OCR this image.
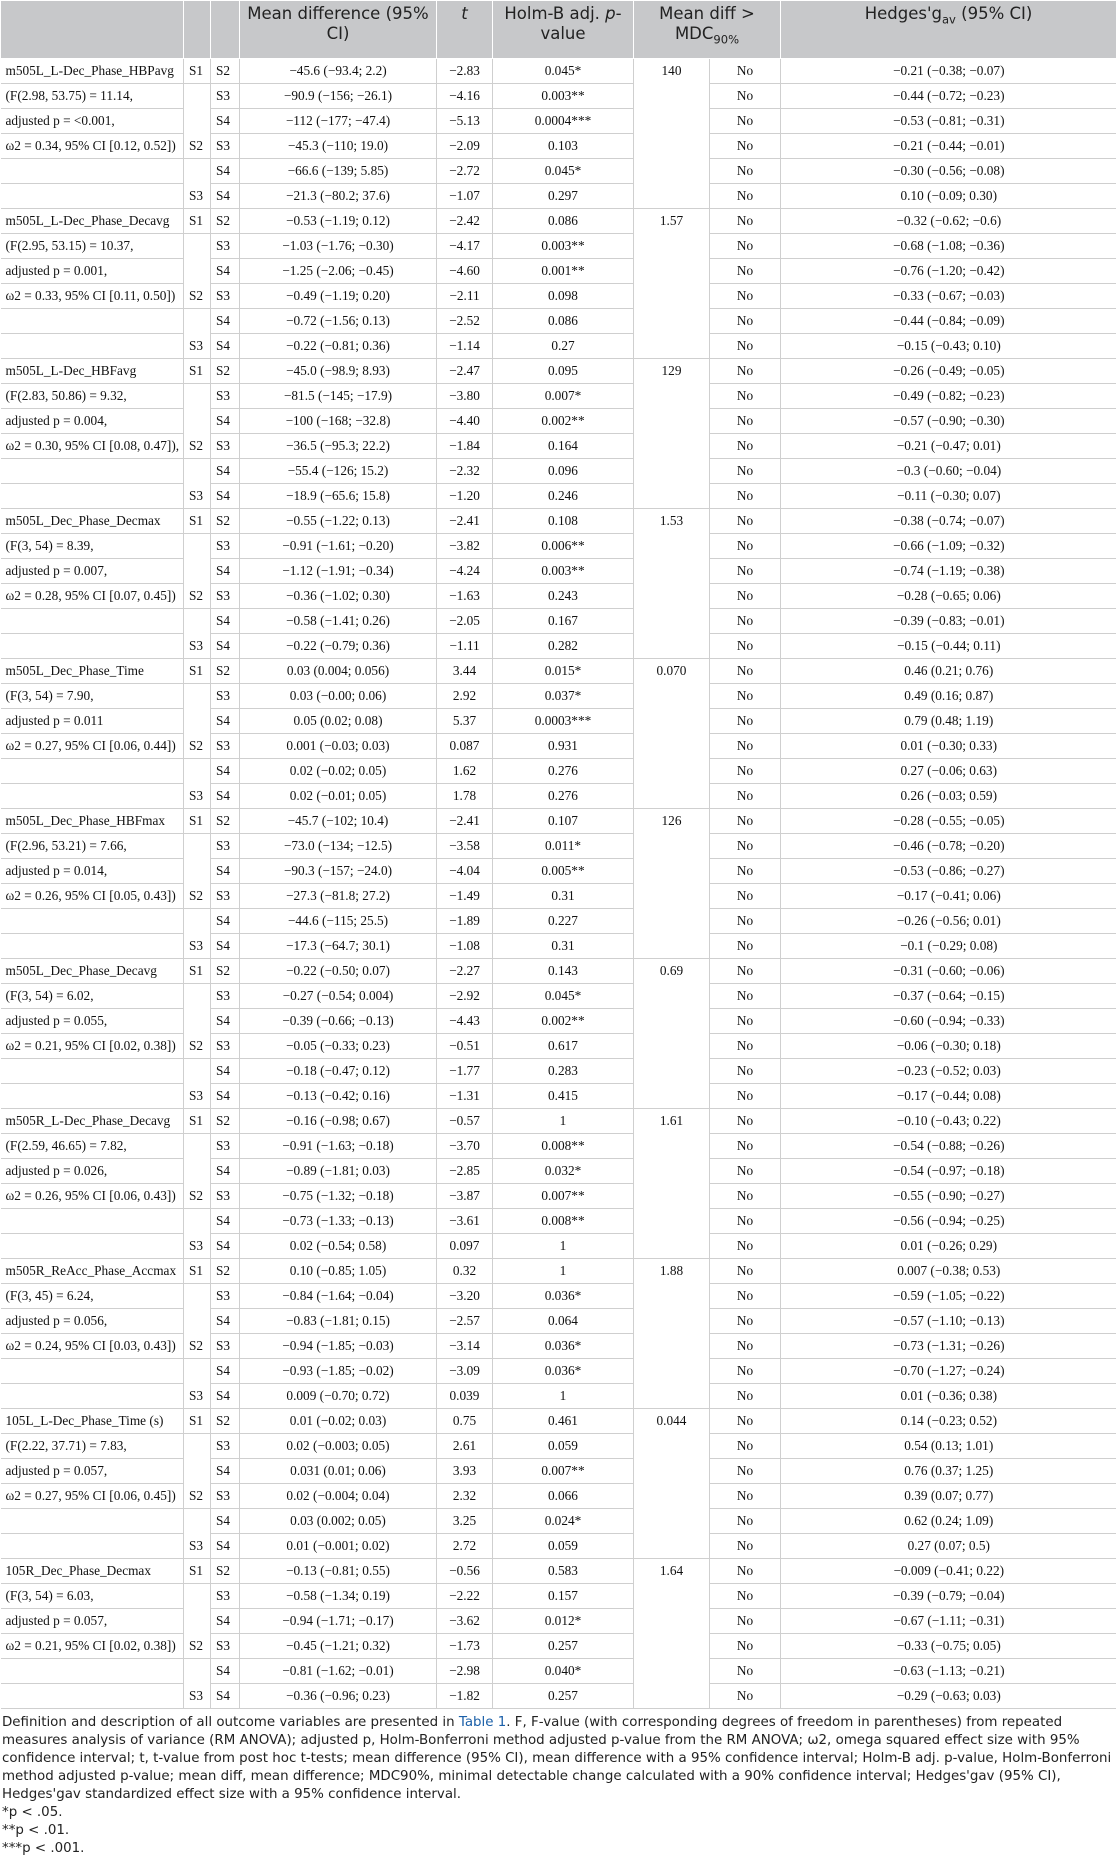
			Mean difference (95% CI)	t	Holm-B adj. p-value	Mean diff >
$MDC_{90\%}$		$Hedges'g_{av}$ (95% CI)
m505L_L-Dec_Phase_HBPavg	S1	S2	−45.6 (−93.4; 2.2)	−2.83	0.045*	140	No	−0.21 (−0.38; −0.07)
(F(2.98, 53.75) = 11.14,		S3	−90.9 (−156; −26.1)	−4.16	0.003**		No	−0.44 (−0.72; −0.23)
adjusted p = <0.001,		S4	−112 (−177; −47.4)	−5.13	0.0004***		No	−0.53 (−0.81; −0.31)
ω2 = 0.34, 95% CI [0.12, 0.52])	S2	S3	−45.3 (−110; 19.0)	−2.09	0.103		No	−0.21 (−0.44; −0.01)
		S4	−66.6 (−139; 5.85)	−2.72	0.045*		No	−0.30 (−0.56; −0.08)
	S3	S4	−21.3 (−80.2; 37.6)	−1.07	0.297		No	0.10 (−0.09; 0.30)
m505L_L-Dec_Phase_Decavg	S1	S2	−0.53 (−1.19; 0.12)	−2.42	0.086	1.57	No	−0.32 (−0.62; −0.6)
(F(2.95, 53.15) = 10.37,		S3	−1.03 (−1.76; −0.30)	−4.17	0.003**		No	−0.68 (−1.08; −0.36)
adjusted p = 0.001,		S4	−1.25 (−2.06; −0.45)	−4.60	0.001**		No	−0.76 (−1.20; −0.42)
ω2 = 0.33, 95% CI [0.11, 0.50])	S2	S3	−0.49 (−1.19; 0.20)	−2.11	0.098		No	−0.33 (−0.67; −0.03)
		S4	−0.72 (−1.56; 0.13)	−2.52	0.086		No	−0.44 (−0.84; −0.09)
	S3	S4	−0.22 (−0.81; 0.36)	−1.14	0.27		No	−0.15 (−0.43; 0.10)
m505L_L-Dec_HBFavg	S1	S2	−45.0 (−98.9; 8.93)	−2.47	0.095	129	No	−0.26 (−0.49; −0.05)
(F(2.83, 50.86) = 9.32,		S3	−81.5 (−145; −17.9)	−3.80	0.007*		No	−0.49 (−0.82; −0.23)
adjusted p = 0.004,		S4	−100 (−168; −32.8)	−4.40	0.002**		No	−0.57 (−0.90; −0.30)
ω2 = 0.30, 95% CI [0.08, 0.47]),	S2	S3	−36.5 (−95.3; 22.2)	−1.84	0.164		No	−0.21 (−0.47; 0.01)
		S4	−55.4 (−126; 15.2)	−2.32	0.096		No	−0.3 (−0.60; −0.04)
	S3	S4	−18.9 (−65.6; 15.8)	−1.20	0.246		No	−0.11 (−0.30; 0.07)
m505L_Dec_Phase_Decmax	S1	S2	−0.55 (−1.22; 0.13)	−2.41	0.108	1.53	No	−0.38 (−0.74; −0.07)
(F(3, 54) = 8.39,		S3	−0.91 (−1.61; −0.20)	−3.82	0.006**		No	−0.66 (−1.09; −0.32)
adjusted p = 0.007,		S4	−1.12 (−1.91; −0.34)	−4.24	0.003**		No	−0.74 (−1.19; −0.38)
ω2 = 0.28, 95% CI [0.07, 0.45])	S2	S3	−0.36 (−1.02; 0.30)	−1.63	0.243		No	−0.28 (−0.65; 0.06)
		S4	−0.58 (−1.41; 0.26)	−2.05	0.167		No	−0.39 (−0.83; −0.01)
	S3	S4	−0.22 (−0.79; 0.36)	−1.11	0.282		No	−0.15 (−0.44; 0.11)
m505L_Dec_Phase_Time	S1	S2	0.03 (0.004; 0.056)	3.44	0.015*	0.070	No	0.46 (0.21; 0.76)
(F(3, 54) = 7.90,		S3	0.03 (−0.00; 0.06)	2.92	0.037*		No	0.49 (0.16; 0.87)
adjusted p = 0.011		S4	0.05 (0.02; 0.08)	5.37	0.0003***		No	0.79 (0.48; 1.19)
ω2 = 0.27, 95% CI [0.06, 0.44])	S2	S3	0.001 (−0.03; 0.03)	0.087	0.931		No	0.01 (−0.30; 0.33)
		S4	0.02 (−0.02; 0.05)	1.62	0.276		No	0.27 (−0.06; 0.63)
	S3	S4	0.02 (−0.01; 0.05)	1.78	0.276		No	0.26 (−0.03; 0.59)
m505L_Dec_Phase_HBFmax	S1	S2	−45.7 (−102; 10.4)	−2.41	0.107	126	No	−0.28 (−0.55; −0.05)
(F(2.96, 53.21) = 7.66,		S3	−73.0 (−134; −12.5)	−3.58	0.011*		No	−0.46 (−0.78; −0.20)
adjusted p = 0.014,		S4	−90.3 (−157; −24.0)	−4.04	0.005**		No	−0.53 (−0.86; −0.27)
ω2 = 0.26, 95% CI [0.05, 0.43])	S2	S3	−27.3 (−81.8; 27.2)	−1.49	0.31		No	−0.17 (−0.41; 0.06)
		S4	−44.6 (−115; 25.5)	−1.89	0.227		No	−0.26 (−0.56; 0.01)
	S3	S4	−17.3 (−64.7; 30.1)	−1.08	0.31		No	−0.1 (−0.29; 0.08)
m505L_Dec_Phase_Decavg	S1	S2	−0.22 (−0.50; 0.07)	−2.27	0.143	0.69	No	−0.31 (−0.60; −0.06)
(F(3, 54) = 6.02,		S3	−0.27 (−0.54; 0.004)	−2.92	0.045*		No	−0.37 (−0.64; −0.15)
adjusted p = 0.055,		S4	−0.39 (−0.66; −0.13)	−4.43	0.002**		No	−0.60 (−0.94; −0.33)
ω2 = 0.21, 95% CI [0.02, 0.38])	S2	S3	−0.05 (−0.33; 0.23)	−0.51	0.617		No	−0.06 (−0.30; 0.18)
		S4	−0.18 (−0.47; 0.12)	−1.77	0.283		No	−0.23 (−0.52; 0.03)
	S3	S4	−0.13 (−0.42; 0.16)	−1.31	0.415		No	−0.17 (−0.44; 0.08)
m505R_L-Dec_Phase_Decavg	S1	S2	−0.16 (−0.98; 0.67)	−0.57	1	1.61	No	−0.10 (−0.43; 0.22)
(F(2.59, 46.65) = 7.82,		S3	−0.91 (−1.63; −0.18)	−3.70	0.008**		No	−0.54 (−0.88; −0.26)
adjusted p = 0.026,		S4	−0.89 (−1.81; 0.03)	−2.85	0.032*		No	−0.54 (−0.97; −0.18)
ω2 = 0.26, 95% CI [0.06, 0.43])	S2	S3	−0.75 (−1.32; −0.18)	−3.87	0.007**		No	−0.55 (−0.90; −0.27)
		S4	−0.73 (−1.33; −0.13)	−3.61	0.008**		No	−0.56 (−0.94; −0.25)
	S3	S4	0.02 (−0.54; 0.58)	0.097	1		No	0.01 (−0.26; 0.29)
m505R_ReAcc_Phase_Accmax	S1	S2	0.10 (−0.85; 1.05)	0.32	1	1.88	No	0.007 (−0.38; 0.53)
(F(3, 45) = 6.24,		S3	−0.84 (−1.64; −0.04)	−3.20	0.036*		No	−0.59 (−1.05; −0.22)
adjusted p = 0.056,		S4	−0.83 (−1.81; 0.15)	−2.57	0.064		No	−0.57 (−1.10; −0.13)
ω2 = 0.24, 95% CI [0.03, 0.43])	S2	S3	−0.94 (−1.85; −0.03)	−3.14	0.036*		No	−0.73 (−1.31; −0.26)
		S4	−0.93 (−1.85; −0.02)	−3.09	0.036*		No	−0.70 (−1.27; −0.24)
	S3	S4	0.009 (−0.70; 0.72)	0.039	1		No	0.01 (−0.36; 0.38)
105L_L-Dec_Phase_Time (s)	S1	S2	0.01 (−0.02; 0.03)	0.75	0.461	0.044	No	0.14 (−0.23; 0.52)
(F(2.22, 37.71) = 7.83,		S3	0.02 (−0.003; 0.05)	2.61	0.059		No	0.54 (0.13; 1.01)
adjusted p = 0.057,		S4	0.031 (0.01; 0.06)	3.93	0.007**		No	0.76 (0.37; 1.25)
ω2 = 0.27, 95% CI [0.06, 0.45])	S2	S3	0.02 (−0.004; 0.04)	2.32	0.066		No	0.39 (0.07; 0.77)
		S4	0.03 (0.002; 0.05)	3.25	0.024*		No	0.62 (0.24; 1.09)
	S3	S4	0.01 (−0.001; 0.02)	2.72	0.059		No	0.27 (0.07; 0.5)
105R_Dec_Phase_Decmax	S1	S2	−0.13 (−0.81; 0.55)	−0.56	0.583	1.64	No	−0.009 (−0.41; 0.22)
(F(3, 54) = 6.03,		S3	−0.58 (−1.34; 0.19)	−2.22	0.157		No	−0.39 (−0.79; −0.04)
adjusted p = 0.057,		S4	−0.94 (−1.71; −0.17)	−3.62	0.012*		No	−0.67 (−1.11; −0.31)
ω2 = 0.21, 95% CI [0.02, 0.38])	S2	S3	−0.45 (−1.21; 0.32)	−1.73	0.257		No	−0.33 (−0.75; 0.05)
		S4	−0.81 (−1.62; −0.01)	−2.98	0.040*		No	−0.63 (−1.13; −0.21)
	S3	S4	−0.36 (−0.96; 0.23)	−1.82	0.257		No	−0.29 (−0.63; 0.03)

Definition and description of all outcome variables are presented in Table 1. F, F-value (with corresponding degrees of freedom in parentheses) from repeated measures analysis of variance (RM ANOVA); adjusted p, Holm-Bonferroni method adjusted p-value from the RM ANOVA; ω2, omega squared effect size with 95% confidence interval; t, t-value from post hoc t-tests; mean difference (95% CI), mean difference with a 95% confidence interval; Holm-B adj. p-value, Holm-Bonferroni method adjusted p-value; mean diff, mean difference; MDC90%, minimal detectable change calculated with a 90% confidence interval; Hedges'gav (95% CI), Hedges'gav standardized effect size with a 95% confidence interval.

*p < .05.

**p < .01.

***p < .001.
